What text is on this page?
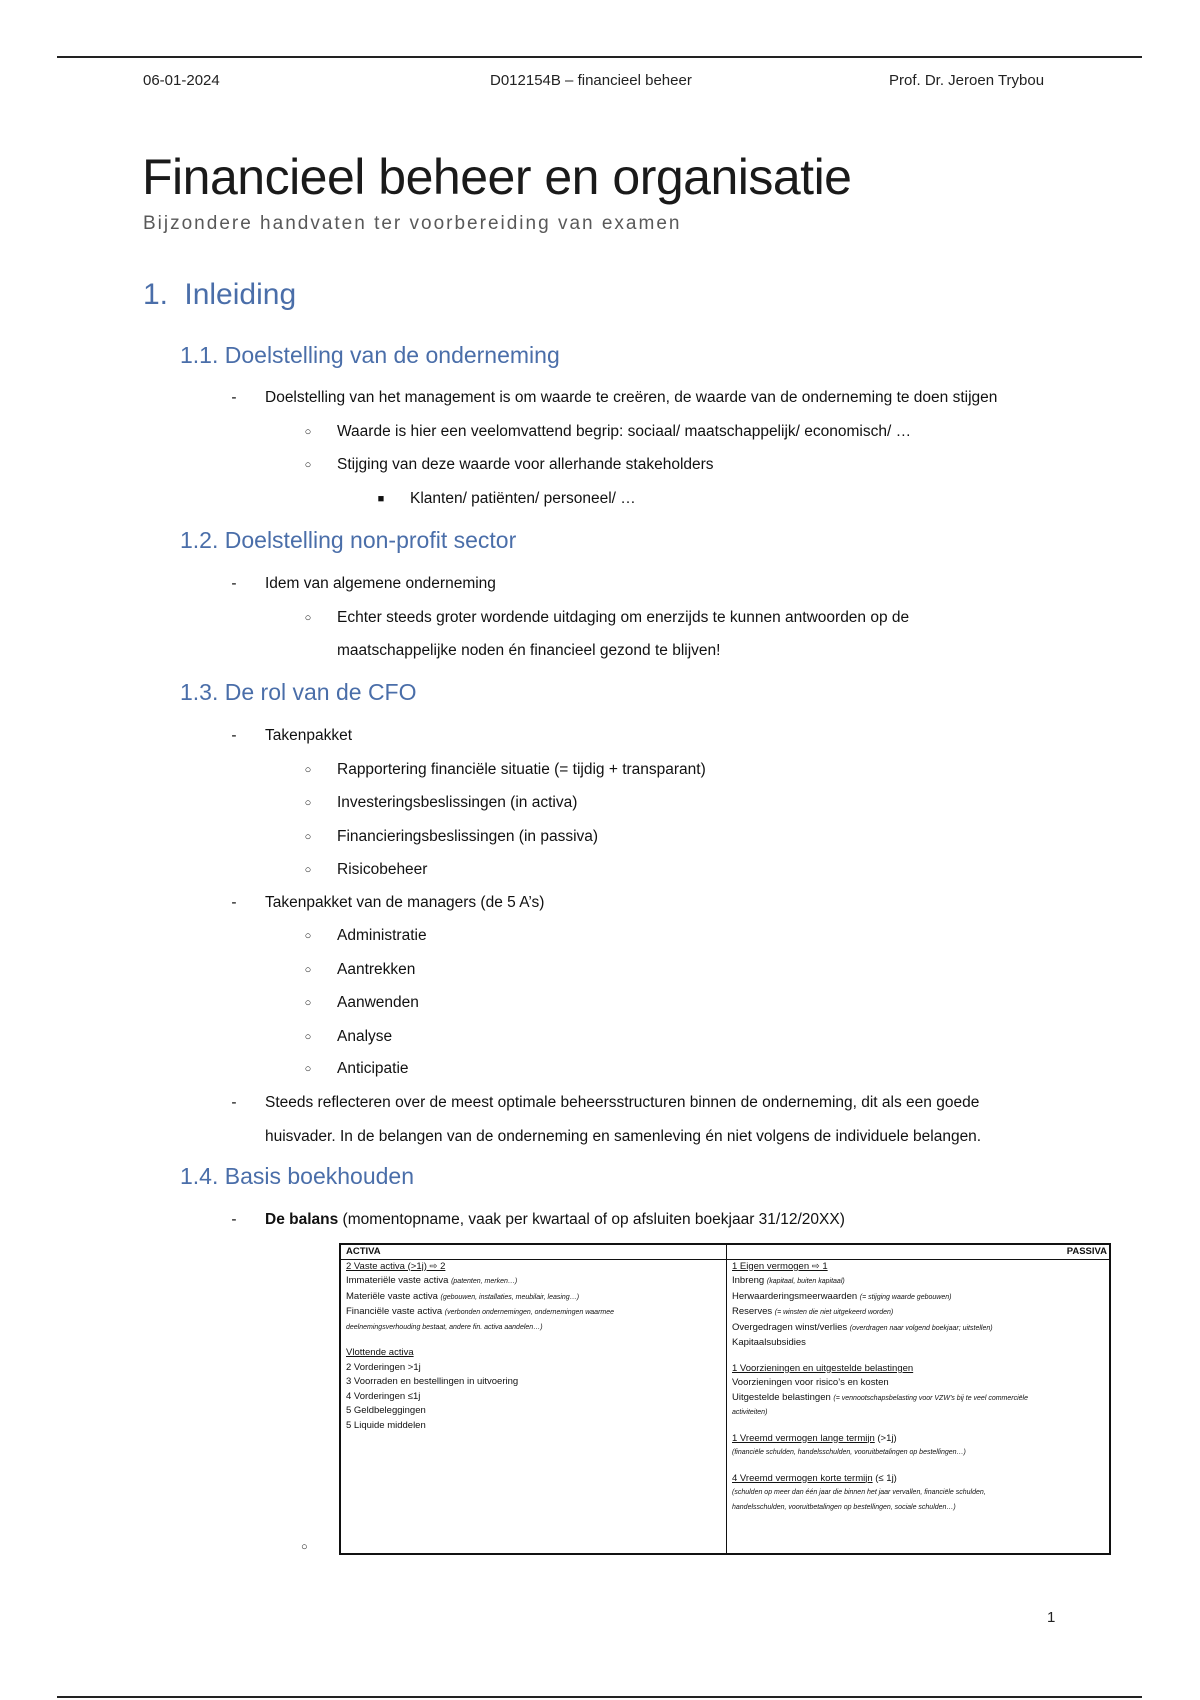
06-01-2024	D012154B – financieel beheer	Prof. Dr. Jeroen Trybou
Financieel beheer en organisatie
Bijzondere handvaten ter voorbereiding van examen
1. Inleiding
1.1. Doelstelling van de onderneming
- Doelstelling van het management is om waarde te creëren, de waarde van de onderneming te doen stijgen
○ Waarde is hier een veelomvattend begrip: sociaal/ maatschappelijk/ economisch/ …
○ Stijging van deze waarde voor allerhande stakeholders
■ Klanten/ patiënten/ personeel/ …
1.2. Doelstelling non-profit sector
- Idem van algemene onderneming
○ Echter steeds groter wordende uitdaging om enerzijds te kunnen antwoorden op de
maatschappelijke noden én financieel gezond te blijven!
1.3. De rol van de CFO
- Takenpakket
○ Rapportering financiële situatie (= tijdig + transparant)
○ Investeringsbeslissingen (in activa)
○ Financieringsbeslissingen (in passiva)
○ Risicobeheer
- Takenpakket van de managers (de 5 A’s)
○ Administratie
○ Aantrekken
○ Aanwenden
○ Analyse
○ Anticipatie
- Steeds reflecteren over de meest optimale beheersstructuren binnen de onderneming, dit als een goede
huisvader. In de belangen van de onderneming en samenleving én niet volgens de individuele belangen.
1.4. Basis boekhouden
- De balans (momentopname, vaak per kwartaal of op afsluiten boekjaar 31/12/20XX)
ACTIVA
2 Vaste activa (>1j) ⇨ 2
Immateriële vaste activa (patenten, merken…)
Materiële vaste activa (gebouwen, installaties, meubilair, leasing…)
Financiële vaste activa (verbonden ondernemingen, ondernemingen waarmee
deelnemingsverhouding bestaat, andere fin. activa aandelen…)
Vlottende activa
2 Vorderingen >1j
3 Voorraden en bestellingen in uitvoering
4 Vorderingen ≤1j
5 Geldbeleggingen
5 Liquide middelen
PASSIVA
1 Eigen vermogen ⇨ 1
Inbreng (kapitaal, buiten kapitaal)
Herwaarderingsmeerwaarden (= stijging waarde gebouwen)
Reserves (= winsten die niet uitgekeerd worden)
Overgedragen winst/verlies (overdragen naar volgend boekjaar; uitstellen)
Kapitaalsubsidies
1 Voorzieningen en uitgestelde belastingen
Voorzieningen voor risico’s en kosten
Uitgestelde belastingen (= vennootschapsbelasting voor VZW’s bij te veel commerciële
activiteiten)
1 Vreemd vermogen lange termijn (>1j)
(financiële schulden, handelsschulden, vooruitbetalingen op bestellingen…)
4 Vreemd vermogen korte termijn (≤ 1j)
(schulden op meer dan één jaar die binnen het jaar vervallen, financiële schulden,
handelsschulden, vooruitbetalingen op bestellingen, sociale schulden…)
○
1
